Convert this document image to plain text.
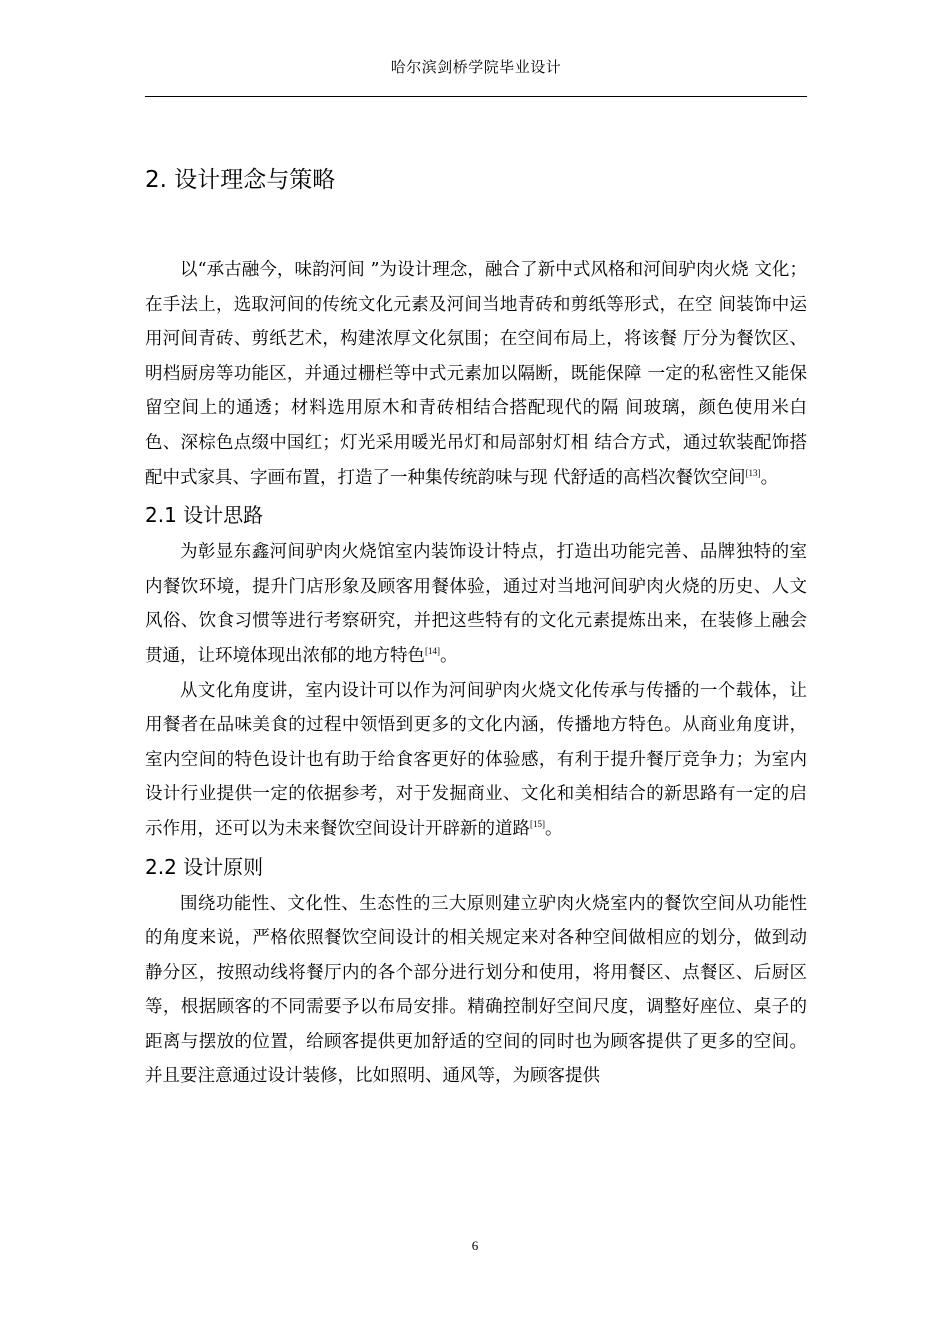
哈尔滨剑桥学院毕业设计
2. 设计理念与策略

以“承古融今，味韵河间 ”为设计理念，融合了新中式风格和河间驴肉火烧 文化；在手法上，选取河间的传统文化元素及河间当地青砖和剪纸等形式，在空 间装饰中运用河间青砖、剪纸艺术，构建浓厚文化氛围；在空间布局上，将该餐 厅分为餐饮区、明档厨房等功能区，并通过栅栏等中式元素加以隔断，既能保障 一定的私密性又能保留空间上的通透；材料选用原木和青砖相结合搭配现代的隔 间玻璃，颜色使用米白色、深棕色点缀中国红；灯光采用暖光吊灯和局部射灯相 结合方式，通过软装配饰搭配中式家具、字画布置，打造了一种集传统韵味与现 代舒适的高档次餐饮空间[13]。

2.1 设计思路

为彰显东鑫河间驴肉火烧馆室内装饰设计特点，打造出功能完善、品牌独特的室内餐饮环境，提升门店形象及顾客用餐体验，通过对当地河间驴肉火烧的历史、人文风俗、饮食习惯等进行考察研究，并把这些特有的文化元素提炼出来，在装修上融会贯通，让环境体现出浓郁的地方特色[14]。

从文化角度讲，室内设计可以作为河间驴肉火烧文化传承与传播的一个载体，让用餐者在品味美食的过程中领悟到更多的文化内涵，传播地方特色。从商业角度讲，室内空间的特色设计也有助于给食客更好的体验感，有利于提升餐厅竞争力；为室内设计行业提供一定的依据参考，对于发掘商业、文化和美相结合的新思路有一定的启示作用，还可以为未来餐饮空间设计开辟新的道路[15]。

2.2 设计原则

围绕功能性、文化性、生态性的三大原则建立驴肉火烧室内的餐饮空间从功能性的角度来说，严格依照餐饮空间设计的相关规定来对各种空间做相应的划分，做到动静分区，按照动线将餐厅内的各个部分进行划分和使用，将用餐区、点餐区、后厨区等，根据顾客的不同需要予以布局安排。精确控制好空间尺度，调整好座位、桌子的距离与摆放的位置，给顾客提供更加舒适的空间的同时也为顾客提供了更多的空间。并且要注意通过设计装修，比如照明、通风等，为顾客提供

6
